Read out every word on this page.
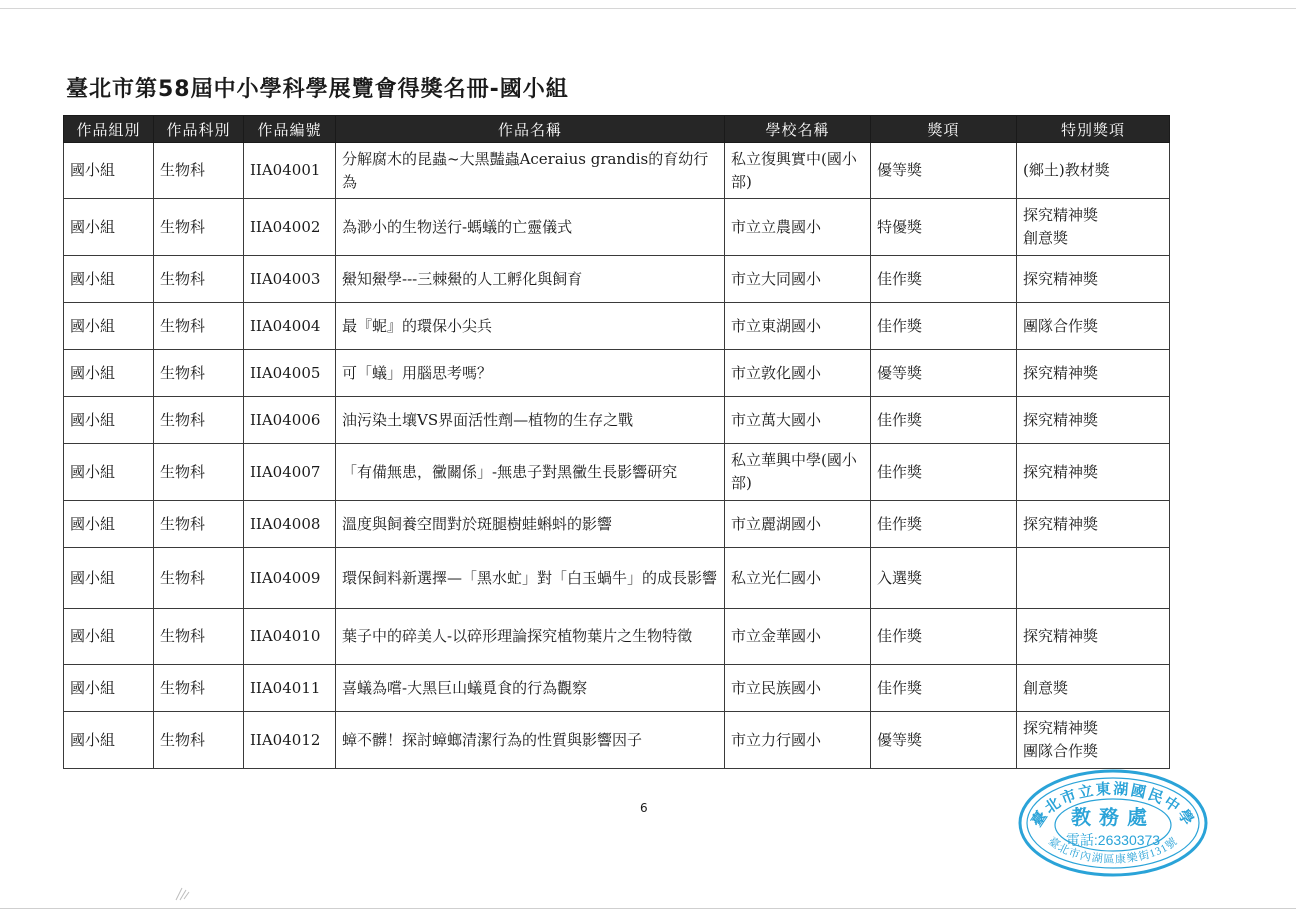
臺北市第58屆中小學科學展覽會得獎名冊-國小組
作品組別	作品科別	作品編號	作品名稱	學校名稱	獎項	特別獎項
國小組	生物科	IIA04001	分解腐木的昆蟲~大黑豔蟲Aceraius grandis的育幼行為	私立復興實中(國小部)	優等獎	(鄉土)教材獎
國小組	生物科	IIA04002	為渺小的生物送行-螞蟻的亡靈儀式	市立立農國小	特優獎	探究精神獎
創意獎
國小組	生物科	IIA04003	鱟知鱟學---三棘鱟的人工孵化與飼育	市立大同國小	佳作獎	探究精神獎
國小組	生物科	IIA04004	最『蚭』的環保小尖兵	市立東湖國小	佳作獎	團隊合作獎
國小組	生物科	IIA04005	可「蟻」用腦思考嗎？	市立敦化國小	優等獎	探究精神獎
國小組	生物科	IIA04006	油污染土壤VS界面活性劑—植物的生存之戰	市立萬大國小	佳作獎	探究精神獎
國小組	生物科	IIA04007	「有備無患，黴關係」-無患子對黑黴生長影響研究	私立華興中學(國小部)	佳作獎	探究精神獎
國小組	生物科	IIA04008	溫度與飼養空間對於斑腿樹蛙蝌蚪的影響	市立麗湖國小	佳作獎	探究精神獎
國小組	生物科	IIA04009	環保飼料新選擇—「黑水虻」對「白玉蝸牛」的成長影響	私立光仁國小	入選獎	
國小組	生物科	IIA04010	葉子中的碎美人-以碎形理論探究植物葉片之生物特徵	市立金華國小	佳作獎	探究精神獎
國小組	生物科	IIA04011	喜蟻為嚐-大黑巨山蟻覓食的行為觀察	市立民族國小	佳作獎	創意獎
國小組	生物科	IIA04012	蟑不髒！探討蟑螂清潔行為的性質與影響因子	市立力行國小	優等獎	探究精神獎
團隊合作獎
6	臺北市立東湖國民中學
臺北市內湖區康樂街131號
教務處
電話:26330373
